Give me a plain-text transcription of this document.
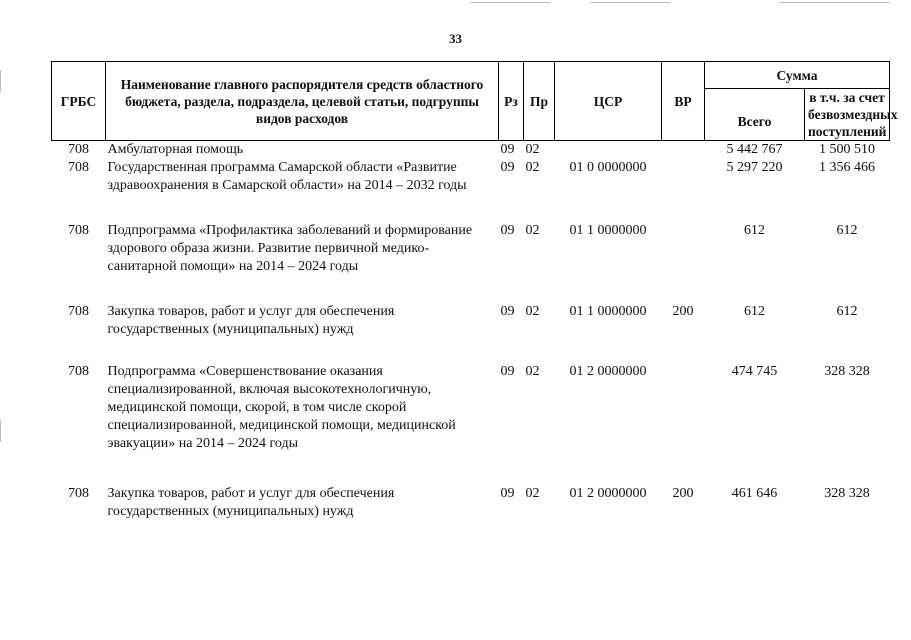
33
ГРБС	Наименование главного распорядителя средств областного бюджета, раздела, подраздела, целевой статьи, подгруппы видов расходов	Рз	Пр	ЦСР	ВР	Сумма	
						Всего	в т.ч. за счет безвозмездных поступлений
708	Амбулаторная помощь	09	02			5 442 767	1 500 510
708	Государственная программа Самарской области «Развитие здравоохранения в Самарской области» на 2014 – 2032 годы	09	02	01 0 0000000		5 297 220	1 356 466
708	Подпрограмма «Профилактика заболеваний и формирование здорового образа жизни. Развитие первичной медико-санитарной помощи» на 2014 – 2024 годы	09	02	01 1 0000000		612	612
708	Закупка товаров, работ и услуг для обеспечения государственных (муниципальных) нужд	09	02	01 1 0000000	200	612	612
708	Подпрограмма «Совершенствование оказания специализированной, включая высокотехнологичную, медицинской помощи, скорой, в том числе скорой специализированной, медицинской помощи, медицинской эвакуации» на 2014 – 2024 годы	09	02	01 2 0000000		474 745	328 328
708	Закупка товаров, работ и услуг для обеспечения государственных (муниципальных) нужд	09	02	01 2 0000000	200	461 646	328 328
